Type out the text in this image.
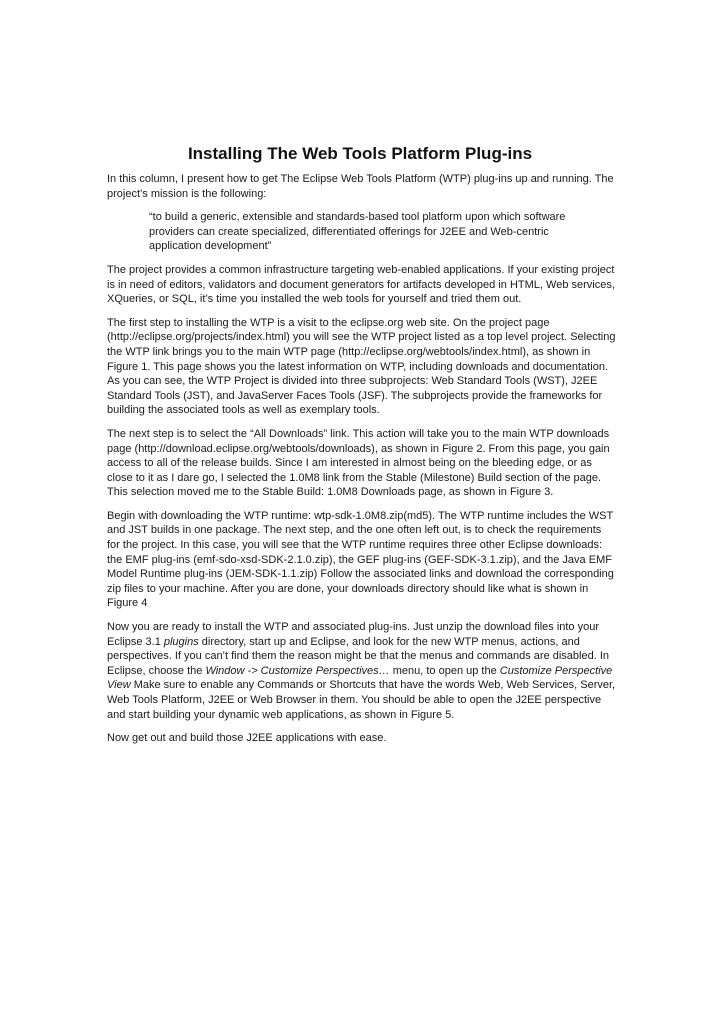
Installing The Web Tools Platform Plug-ins

In this column, I present how to get The Eclipse Web Tools Platform (WTP) plug-ins up and running. The project’s mission is the following:

“to build a generic, extensible and standards-based tool platform upon which software providers can create specialized, differentiated offerings for J2EE and Web-centric application development”

The project provides a common infrastructure targeting web-enabled applications. If your existing project is in need of editors, validators and document generators for artifacts developed in HTML, Web services, XQueries, or SQL, it’s time you installed the web tools for yourself and tried them out.

The first step to installing the WTP is a visit to the eclipse.org web site. On the project page (http://eclipse.org/projects/index.html) you will see the WTP project listed as a top level project. Selecting the WTP link brings you to the main WTP page (http://eclipse.org/webtools/index.html), as shown in Figure 1. This page shows you the latest information on WTP, including downloads and documentation. As you can see, the WTP Project is divided into three subprojects: Web Standard Tools (WST), J2EE Standard Tools (JST), and JavaServer Faces Tools (JSF). The subprojects provide the frameworks for building the associated tools as well as exemplary tools.

The next step is to select the “All Downloads” link. This action will take you to the main WTP downloads page (http://download.eclipse.org/webtools/downloads), as shown in Figure 2. From this page, you gain access to all of the release builds. Since I am interested in almost being on the bleeding edge, or as close to it as I dare go, I selected the 1.0M8 link from the Stable (Milestone) Build section of the page. This selection moved me to the Stable Build: 1.0M8 Downloads page, as shown in Figure 3.

Begin with downloading the WTP runtime: wtp-sdk-1.0M8.zip(md5). The WTP runtime includes the WST and JST builds in one package. The next step, and the one often left out, is to check the requirements for the project. In this case, you will see that the WTP runtime requires three other Eclipse downloads: the EMF plug-ins (emf-sdo-xsd-SDK-2.1.0.zip), the GEF plug-ins (GEF-SDK-3.1.zip), and the Java EMF Model Runtime plug-ins (JEM-SDK-1.1.zip) Follow the associated links and download the corresponding zip files to your machine. After you are done, your downloads directory should like what is shown in Figure 4

Now you are ready to install the WTP and associated plug-ins. Just unzip the download files into your Eclipse 3.1 plugins directory, start up and Eclipse, and look for the new WTP menus, actions, and perspectives. If you can’t find them the reason might be that the menus and commands are disabled. In Eclipse, choose the Window -> Customize Perspectives… menu, to open up the Customize Perspective View Make sure to enable any Commands or Shortcuts that have the words Web, Web Services, Server, Web Tools Platform, J2EE or Web Browser in them. You should be able to open the J2EE perspective and start building your dynamic web applications, as shown in Figure 5.

Now get out and build those J2EE applications with ease.
